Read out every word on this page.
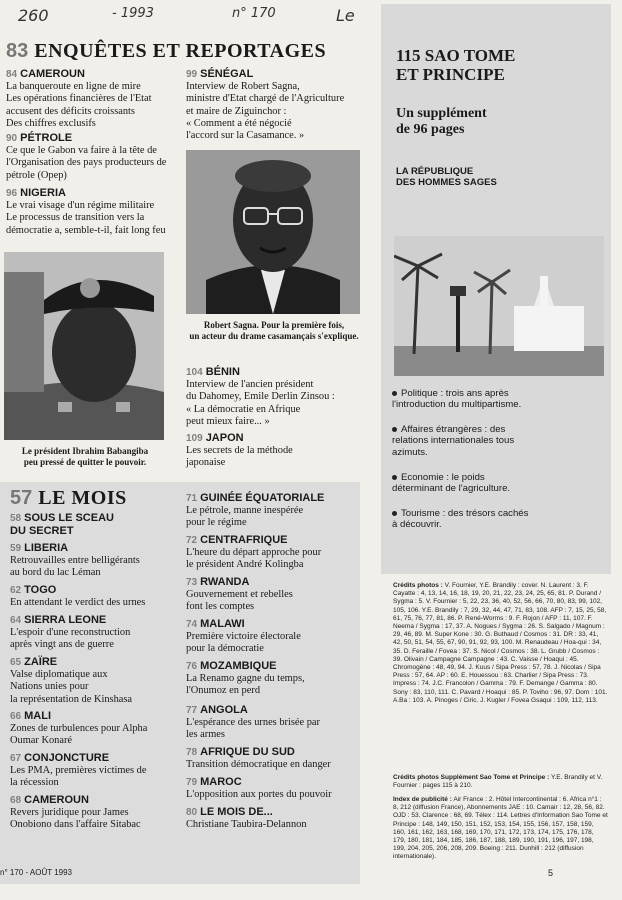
260	- 1993	n° 170	Le
83 ENQUÊTES ET REPORTAGES
84 CAMEROUN
La banqueroute en ligne de mire
Les opérations financières de l'Etat
accusent des déficits croissants
Des chiffres exclusifs
90 PÉTROLE
Ce que le Gabon va faire à la tête de
l'Organisation des pays producteurs de
pétrole (Opep)
96 NIGERIA
Le vrai visage d'un régime militaire
Le processus de transition vers la
démocratie a, semble-t-il, fait long feu
99 SÉNÉGAL
Interview de Robert Sagna,
ministre d'Etat chargé de l'Agriculture
et maire de Ziguinchor :
« Comment a été négocié
l'accord sur la Casamance. »
Robert Sagna. Pour la première fois,
un acteur du drame casamançais s'explique.
Le président Ibrahim Babangiba
peu pressé de quitter le pouvoir.
104 BÉNIN
Interview de l'ancien président
du Dahomey, Emile Derlin Zinsou :
« La démocratie en Afrique
peut mieux faire... »
109 JAPON
Les secrets de la méthode
japonaise
57 LE MOIS
58 SOUS LE SCEAU
DU SECRET
59 LIBERIA
Retrouvailles entre belligérants
au bord du lac Léman
62 TOGO
En attendant le verdict des urnes
64 SIERRA LEONE
L'espoir d'une reconstruction
après vingt ans de guerre
65 ZAÏRE
Valse diplomatique aux
Nations unies pour
la représentation de Kinshasa
66 MALI
Zones de turbulences pour Alpha
Oumar Konaré
67 CONJONCTURE
Les PMA, premières victimes de
la récession
68 CAMEROUN
Revers juridique pour James
Onobiono dans l'affaire Sitabac
71 GUINÉE ÉQUATORIALE
Le pétrole, manne inespérée
pour le régime
72 CENTRAFRIQUE
L'heure du départ approche pour
le président André Kolingba
73 RWANDA
Gouvernement et rebelles
font les comptes
74 MALAWI
Première victoire électorale
pour la démocratie
76 MOZAMBIQUE
La Renamo gagne du temps,
l'Onumoz en perd
77 ANGOLA
L'espérance des urnes brisée par
les armes
78 AFRIQUE DU SUD
Transition démocratique en danger
79 MAROC
L'opposition aux portes du pouvoir
80 LE MOIS DE...
Christiane Taubira-Delannon
115 SAO TOME
ET PRINCIPE
Un supplément
de 96 pages
LA RÉPUBLIQUE
DES HOMMES SAGES
Politique : trois ans après
l'introduction du multipartisme.
Affaires étrangères : des
relations internationales tous
azimuts.
Economie : le poids
déterminant de l'agriculture.
Tourisme : des trésors cachés
à découvrir.
Crédits photos : V. Fournier, Y.E. Brandily : cover. N. Laurent : 3. F. Cayatte : 4, 13, 14, 16, 18, 19, 20, 21, 22, 23, 24, 25, 65, 81. P. Durand / Sygma : 5. V. Fournier : 5, 22, 23, 36, 40, 52, 56, 66, 70, 80, 83, 99, 102, 105, 106. Y.E. Brandily : 7, 29, 32, 44, 47, 71, 83, 108. AFP : 7, 15, 25, 58, 61, 75, 76, 77, 81, 86. P. René-Worms : 9. F. Rojon / AFP : 11, 107. F. Neema / Sygma : 17, 37. A. Nogues / Sygma : 26. S. Salgado / Magnum : 29, 46, 89. M. Super Kone : 30. G. Buthaud / Cosmos : 31. DR : 33, 41, 42, 50, 51, 54, 55, 67, 90, 91, 92, 93, 100. M. Renaudeau / Hoa-qui : 34, 35. D. Feraille / Fovea : 37. S. Nicol / Cosmos : 38. L. Grubb / Cosmos : 39. Olivain / Campagne Campagne : 43. C. Vaisse / Hoaqui : 45. Chromogène : 48, 49, 94. J. Kuus / Sipa Press : 57, 78. J. Nicolas / Sipa Press : 57, 64. AP : 60. E. Houessou : 63. Charlier / Sipa Press : 73. Impress : 74. J.C. Francolon / Gamma : 79. F. Demange / Gamma : 80. Sony : 83, 110, 111. C. Pavard / Hoaqui : 85. P. Toviho : 96, 97. Dom : 101. A.Ba : 103. A. Pinoges / Ciric. J. Kugler / Fovea Gsaqui : 109, 112, 113.
Crédits photos Supplément Sao Tome et Principe : Y.E. Brandily et V. Fournier : pages 115 à 210.
Index de publicité : Air France : 2. Hôtel Intercontinental : 6. Africa n°1 : 8, 212 (diffusion France), Abonnements JAE : 10. Camair : 12, 28, 56, 82. OJD : 53. Clarence : 68, 69. Télex : 114. Lettres d'Information Sao Tome et Principe : 148, 149, 150, 151, 152, 153, 154, 155, 156, 157, 158, 159, 160, 161, 162, 163, 168, 169, 170, 171, 172, 173, 174, 175, 176, 178, 179, 180, 181, 184, 185, 186, 187, 188, 189, 190, 191, 196, 197, 198, 199, 204, 205, 206, 208, 209. Boeing : 211. Dunhill : 212 (diffusion internationale).
n° 170 - AOÛT 1993	5
